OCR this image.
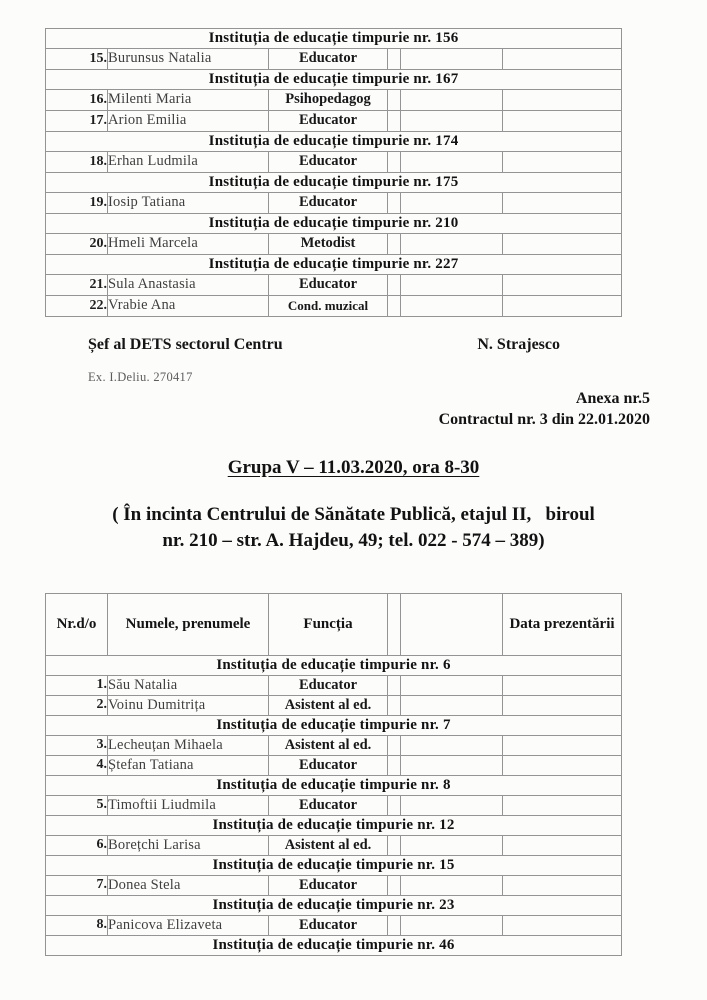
Instituția de educație timpurie nr. 156					
15.	Burunsus Natalia	Educator			
Instituția de educație timpurie nr. 167					
16.	Milenti Maria	Psihopedagog			
17.	Arion Emilia	Educator			
Instituția de educație timpurie nr. 174					
18.	Erhan Ludmila	Educator			
Instituția de educație timpurie nr. 175					
19.	Iosip Tatiana	Educator			
Instituția de educație timpurie nr. 210					
20.	Hmeli Marcela	Metodist			
Instituția de educație timpurie nr. 227					
21.	Sula Anastasia	Educator			
22.	Vrabie Ana	Cond. muzical			
Șef al DETS sectorul Centru	N. Strajesco
Ex. I.Deliu. 270417
Anexa nr.5
Contractul nr. 3 din 22.01.2020
Grupa V – 11.03.2020, ora 8-30
( În incinta Centrului de Sănătate Publică, etajul II,   biroul
nr. 210 – str. A. Hajdeu, 49; tel. 022 - 574 – 389)
Nr.d/o	Numele, prenumele	Funcția			Data prezentării
Instituția de educație timpurie nr. 6					
1.	Său Natalia	Educator			
2.	Voinu Dumitrița	Asistent al ed.			
Instituția de educație timpurie nr. 7					
3.	Lecheuțan Mihaela	Asistent al ed.			
4.	Ștefan Tatiana	Educator			
Instituția de educație timpurie nr. 8					
5.	Timoftii Liudmila	Educator			
Instituția de educație timpurie nr. 12					
6.	Borețchi Larisa	Asistent al ed.			
Instituția de educație timpurie nr. 15					
7.	Donea Stela	Educator			
Instituția de educație timpurie nr. 23					
8.	Panicova Elizaveta	Educator			
Instituția de educație timpurie nr. 46					
